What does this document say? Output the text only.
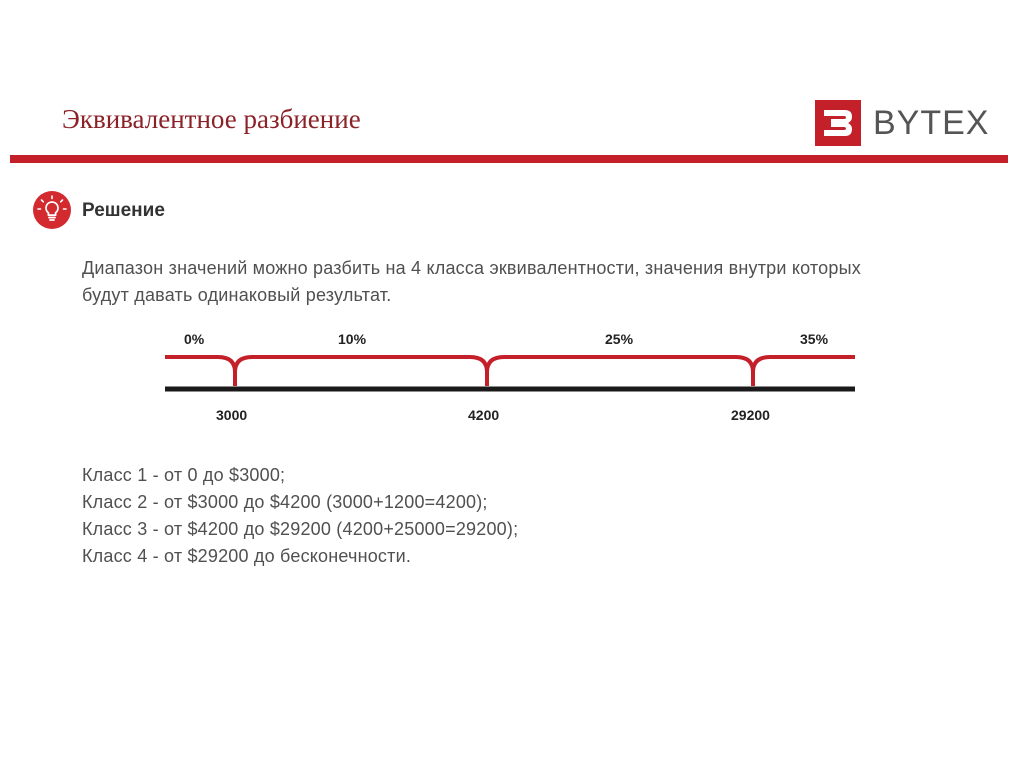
Эквивалентное разбиение	BYTEX
Решение
Диапазон значений можно разбить на 4 класса эквивалентности, значения внутри которых
будут давать одинаковый результат.
0%	10%	25%	35%
3000	4200	29200
Класс 1 - от 0 до $3000;
Класс 2 - от $3000 до $4200 (3000+1200=4200);
Класс 3 - от $4200 до $29200 (4200+25000=29200);
Класс 4 - от $29200 до бесконечности.
